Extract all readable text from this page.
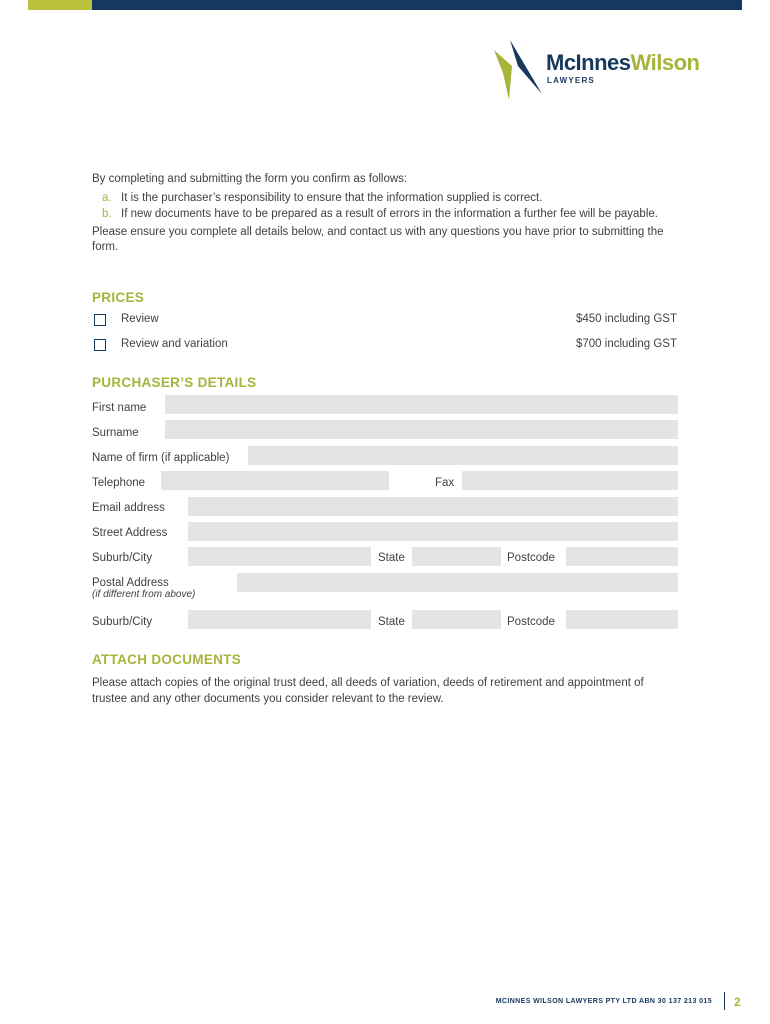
McInnesWilson
LAWYERS

By completing and submitting the form you confirm as follows:

a. It is the purchaser’s responsibility to ensure that the information supplied is correct.
b. If new documents have to be prepared as a result of errors in the information a further fee will be payable.

Please ensure you complete all details below, and contact us with any questions you have prior to submitting the form.

PRICES
Review	$450 including GST
Review and variation	$700 including GST
PURCHASER’S DETAILS
First name
Surname
Name of firm (if applicable)
Telephone	Fax
Email address
Street Address
Suburb/City	State	Postcode
Postal Address
(if different from above)
Suburb/City	State	Postcode
ATTACH DOCUMENTS

Please attach copies of the original trust deed, all deeds of variation, deeds of retirement and appointment of trustee and any other documents you consider relevant to the review.

MCINNES WILSON LAWYERS PTY LTD ABN 30 137 213 015 2
